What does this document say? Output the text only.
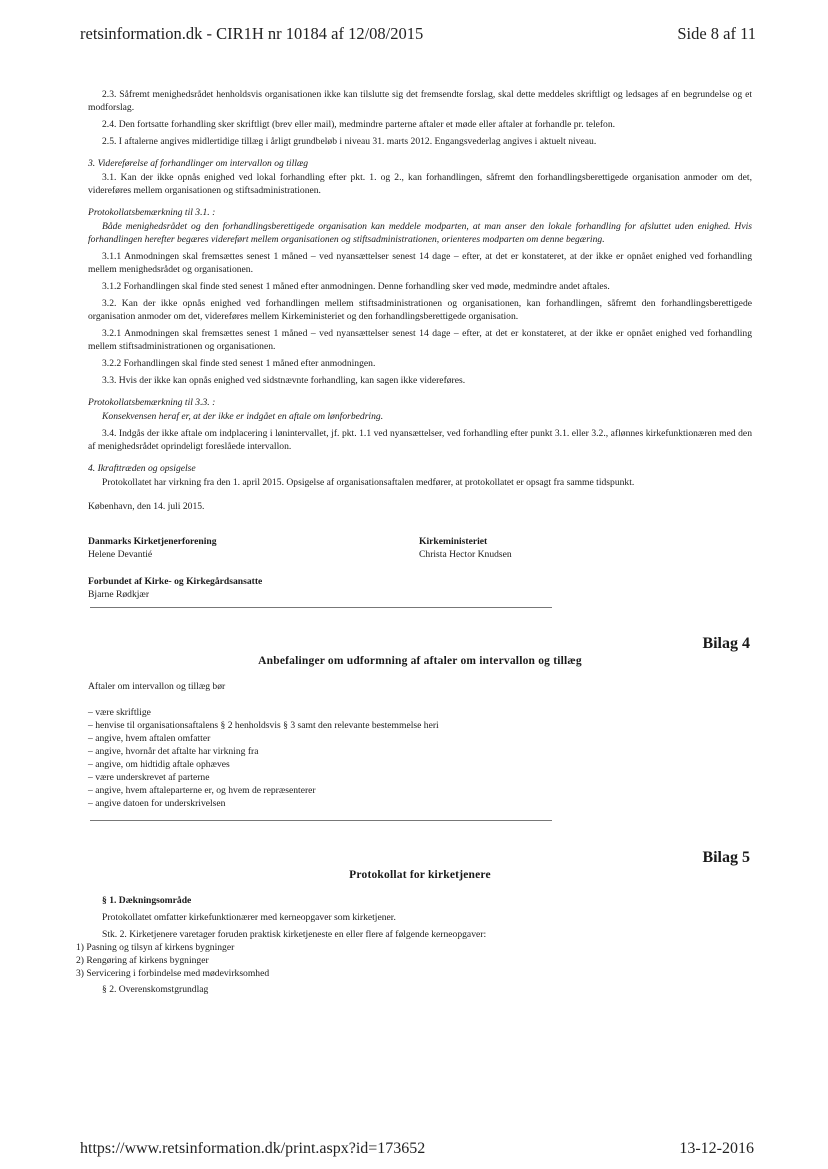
retsinformation.dk - CIR1H nr 10184 af 12/08/2015	Side 8 af 11

2.3. Såfremt menighedsrådet henholdsvis organisationen ikke kan tilslutte sig det fremsendte forslag, skal dette meddeles skriftligt og ledsages af en begrundelse og et modforslag.

2.4. Den fortsatte forhandling sker skriftligt (brev eller mail), medmindre parterne aftaler et møde eller aftaler at forhandle pr. telefon.

2.5. I aftalerne angives midlertidige tillæg i årligt grundbeløb i niveau 31. marts 2012. Engangsvederlag angives i aktuelt niveau.

3. Videreførelse af forhandlinger om intervallon og tillæg

3.1. Kan der ikke opnås enighed ved lokal forhandling efter pkt. 1. og 2., kan forhandlingen, såfremt den forhandlingsberettigede organisation anmoder om det, videreføres mellem organisationen og stiftsadministrationen.

Protokollatsbemærkning til 3.1. :

Både menighedsrådet og den forhandlingsberettigede organisation kan meddele modparten, at man anser den lokale forhandling for afsluttet uden enighed. Hvis forhandlingen herefter begæres videreført mellem organisationen og stiftsadministrationen, orienteres modparten om denne begæring.

3.1.1 Anmodningen skal fremsættes senest 1 måned – ved nyansættelser senest 14 dage – efter, at det er konstateret, at der ikke er opnået enighed ved forhandling mellem menighedsrådet og organisationen.

3.1.2 Forhandlingen skal finde sted senest 1 måned efter anmodningen. Denne forhandling sker ved møde, medmindre andet aftales.

3.2. Kan der ikke opnås enighed ved forhandlingen mellem stiftsadministrationen og organisationen, kan forhandlingen, såfremt den forhandlingsberettigede organisation anmoder om det, videreføres mellem Kirkeministeriet og den forhandlingsberettigede organisation.

3.2.1 Anmodningen skal fremsættes senest 1 måned – ved nyansættelser senest 14 dage – efter, at det er konstateret, at der ikke er opnået enighed ved forhandling mellem stiftsadministrationen og organisationen.

3.2.2 Forhandlingen skal finde sted senest 1 måned efter anmodningen.

3.3. Hvis der ikke kan opnås enighed ved sidstnævnte forhandling, kan sagen ikke videreføres.

Protokollatsbemærkning til 3.3. :

Konsekvensen heraf er, at der ikke er indgået en aftale om lønforbedring.

3.4. Indgås der ikke aftale om indplacering i lønintervallet, jf. pkt. 1.1 ved nyansættelser, ved forhandling efter punkt 3.1. eller 3.2., aflønnes kirkefunktionæren med den af menighedsrådet oprindeligt foreslåede intervallon.

4. Ikrafttræden og opsigelse

Protokollatet har virkning fra den 1. april 2015. Opsigelse af organisationsaftalen medfører, at protokollatet er opsagt fra samme tidspunkt.

København, den 14. juli 2015.

Danmarks Kirketjenerforening
Helene Devantié
Kirkeministeriet
Christa Hector Knudsen
Forbundet af Kirke- og Kirkegårdsansatte
Bjarne Rødkjær
Bilag 4
Anbefalinger om udformning af aftaler om intervallon og tillæg

Aftaler om intervallon og tillæg bør

– være skriftlige
– henvise til organisationsaftalens § 2 henholdsvis § 3 samt den relevante bestemmelse heri
– angive, hvem aftalen omfatter
– angive, hvornår det aftalte har virkning fra
– angive, om hidtidig aftale ophæves
– være underskrevet af parterne
– angive, hvem aftaleparterne er, og hvem de repræsenterer
– angive datoen for underskrivelsen
Bilag 5
Protokollat for kirketjenere

§ 1. Dækningsområde

Protokollatet omfatter kirkefunktionærer med kerneopgaver som kirketjener.

Stk. 2. Kirketjenere varetager foruden praktisk kirketjeneste en eller flere af følgende kerneopgaver:

1) Pasning og tilsyn af kirkens bygninger
2) Rengøring af kirkens bygninger
3) Servicering i forbindelse med mødevirksomhed

§ 2. Overenskomstgrundlag

https://www.retsinformation.dk/print.aspx?id=173652	13-12-2016
